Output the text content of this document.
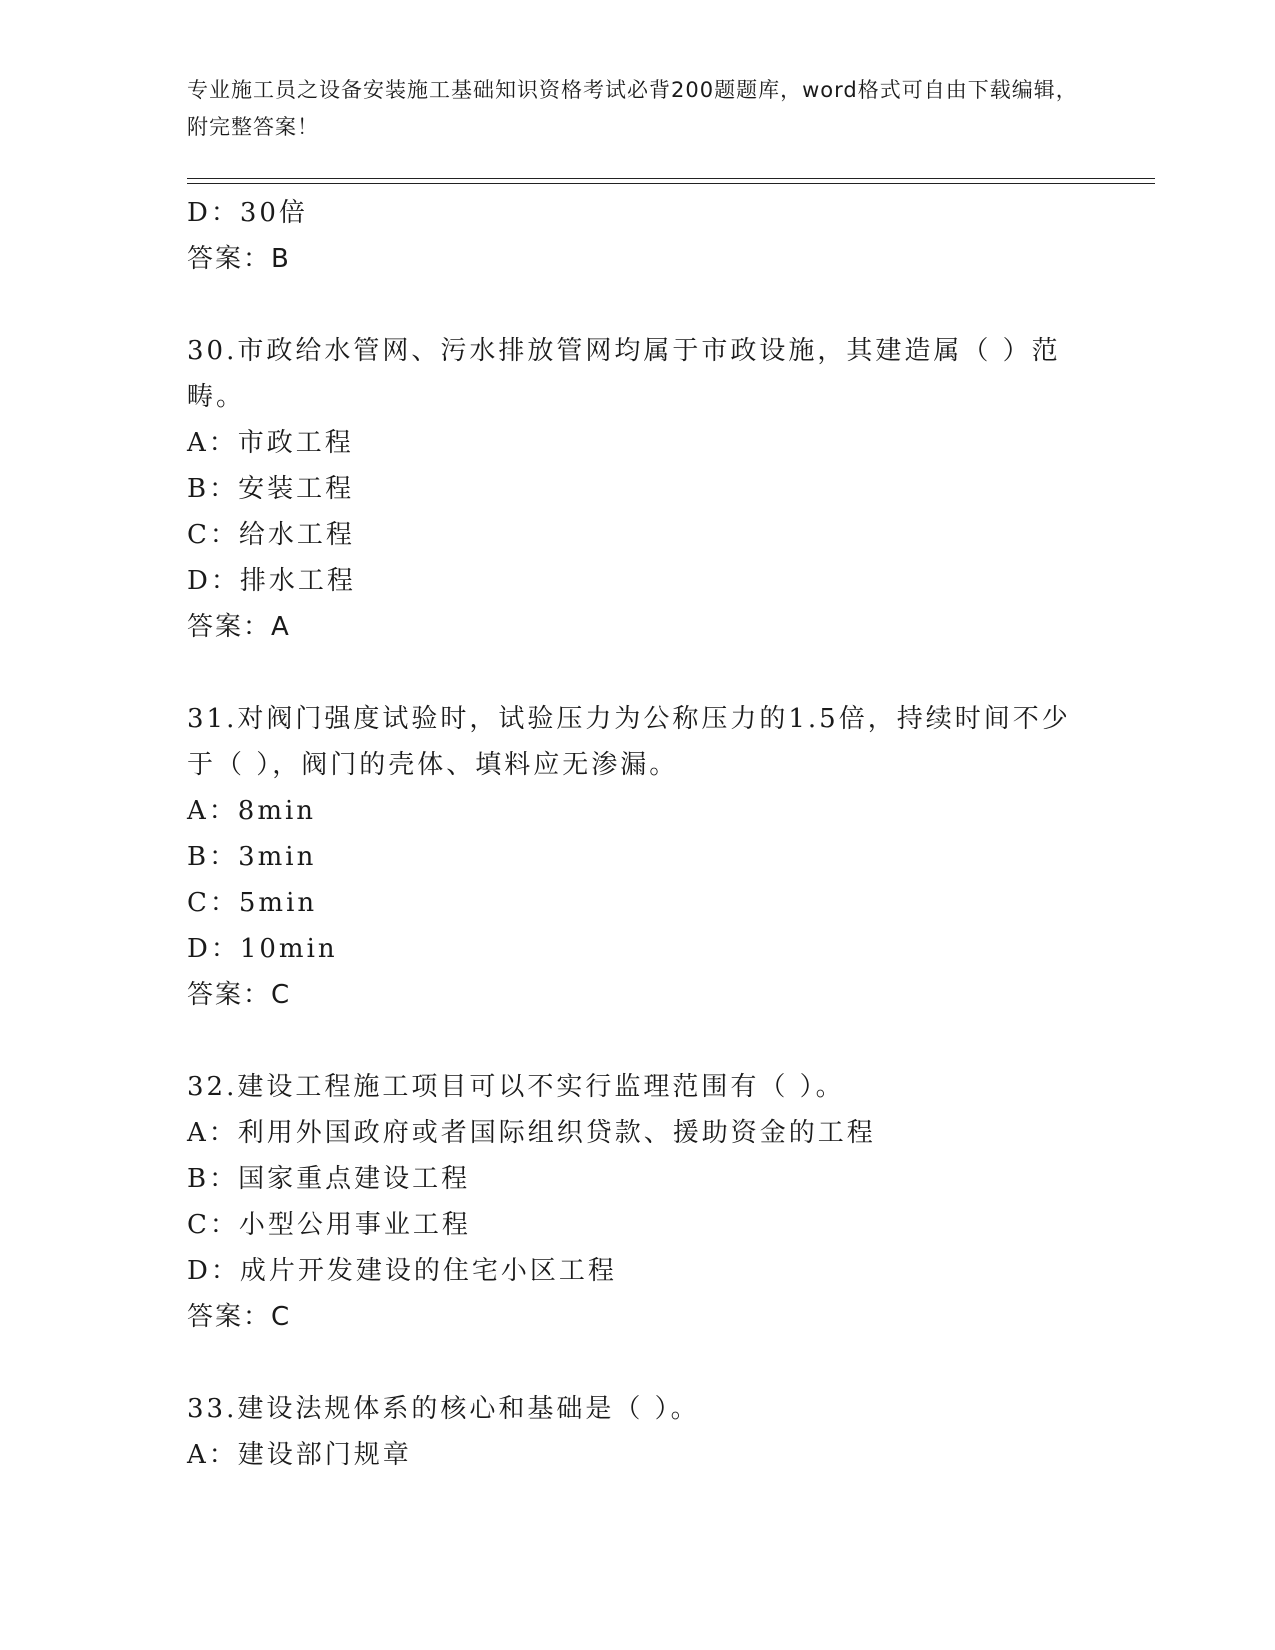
专业施工员之设备安装施工基础知识资格考试必背200题题库，word格式可自由下载编辑，附完整答案！
D：30倍
答案：B
30.市政给水管网、污水排放管网均属于市政设施，其建造属（ ）范畴。
A：市政工程
B：安装工程
C：给水工程
D：排水工程
答案：A
31.对阀门强度试验时，试验压力为公称压力的1.5倍，持续时间不少于（ ），阀门的壳体、填料应无渗漏。
A：8min
B：3min
C：5min
D：10min
答案：C
32.建设工程施工项目可以不实行监理范围有（ ）。
A：利用外国政府或者国际组织贷款、援助资金的工程
B：国家重点建设工程
C：小型公用事业工程
D：成片开发建设的住宅小区工程
答案：C
33.建设法规体系的核心和基础是（ ）。
A：建设部门规章
